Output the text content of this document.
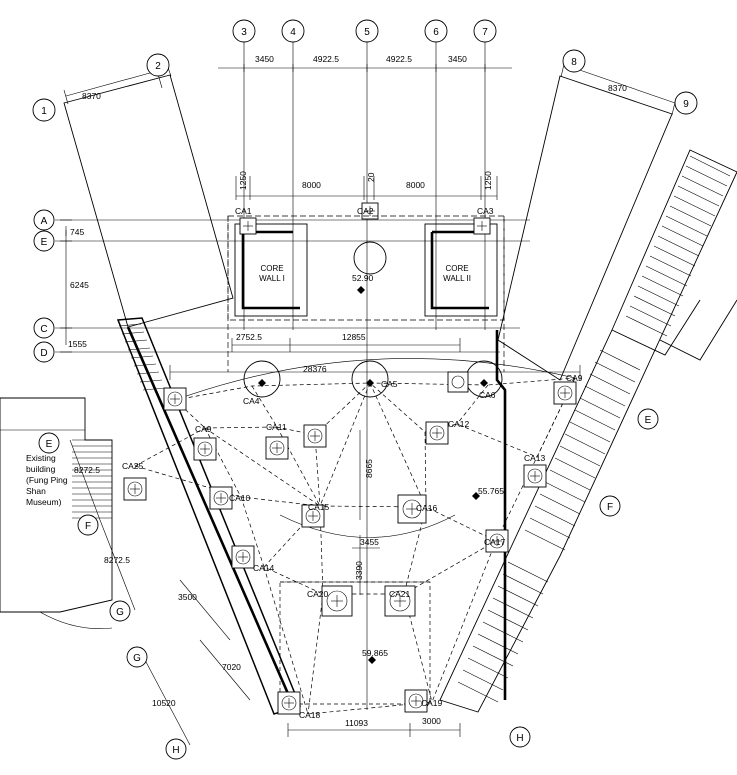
CORE
WALL I
CORE
WALL II
3	4	5	6	7
2	8
9
1
A
E
C
D
E
F
G
G
H
H
F
E
3450	4922.5	4922.5	3450
8370
8370
1250	8000
20
8000	1250
745
6245
1555
2752.5	12855
28376
8272.5
8272.5
8665
3455
3390
3500
7020
10520
11093	3000
52.90
55.765
59.865
CA1	CA2	CA3
CA4
CA5
CA6
CA9
CA9	CA11	CA12
CA13
CA25
CA10
CA15	CA16
CA17
CA14
CA20	CA21
CA18
CA19
Existing
building
(Fung Ping
Shan
Museum)
